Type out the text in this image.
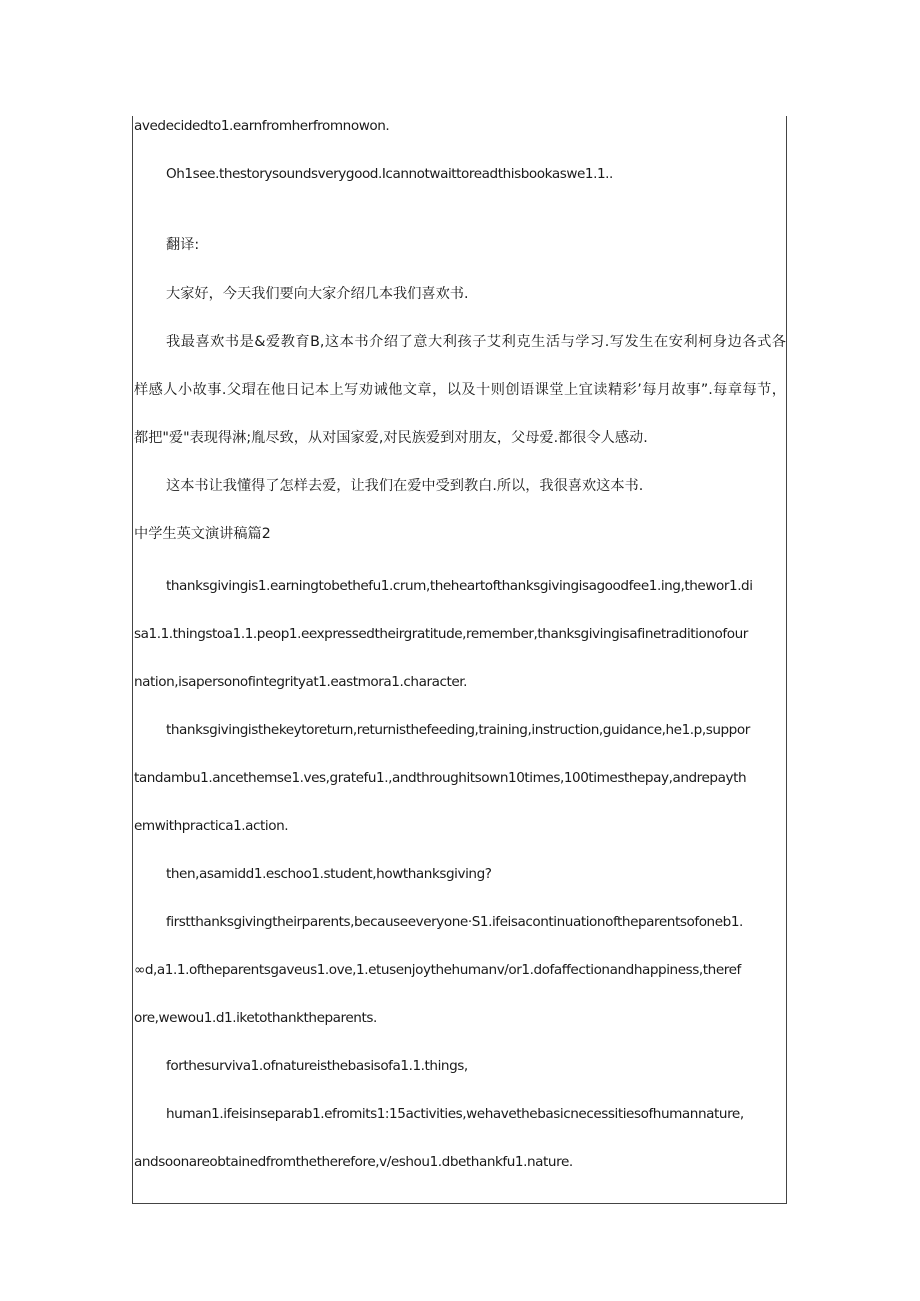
avedecidedto1.earnfromherfromnowon.
Oh1see.thestorysoundsverygood.Icannotwaittoreadthisbookaswe1.1..
翻译:
大家好，今天我们要向大家介绍几本我们喜欢书.
我最喜欢书是&爱教育B,这本书介绍了意大利孩子艾利克生活与学习.写发生在安利柯身边各式各
样感人小故事.父瑁在他日记本上写劝诫他文章，以及十则创语课堂上宜读精彩’每月故事”.每章每节，
都把"爱"表现得淋;胤尽致，从对国家爱,对民族爱到对朋友，父母爱.都很令人感动.
这本书让我懂得了怎样去爱，让我们在爱中受到教白.所以，我很喜欢这本书.
中学生英文演讲稿篇2
thanksgivingis1.earningtobethefu1.crum,theheartofthanksgivingisagoodfee1.ing,thewor1.di
sa1.1.thingstoa1.1.peop1.eexpressedtheirgratitude,remember,thanksgivingisafinetraditionofour
nation,isapersonofintegrityat1.eastmora1.character.
thanksgivingisthekeytoreturn,returnisthefeeding,training,instruction,guidance,he1.p,suppor
tandambu1.ancethemse1.ves,gratefu1.,andthroughitsown10times,100timesthepay,andrepayth
emwithpractica1.action.
then,asamidd1.eschoo1.student,howthanksgiving?
firstthanksgivingtheirparents,becauseeveryone·S1.ifeisacontinuationoftheparentsofoneb1.
∞d,a1.1.oftheparentsgaveus1.ove,1.etusenjoythehumanv/or1.dofaffectionandhappiness,theref
ore,wewou1.d1.iketothanktheparents.
forthesurviva1.ofnatureisthebasisofa1.1.things,
human1.ifeisinseparab1.efromits1:15activities,wehavethebasicnecessitiesofhumannature,
andsoonareobtainedfromthetherefore,v/eshou1.dbethankfu1.nature.
